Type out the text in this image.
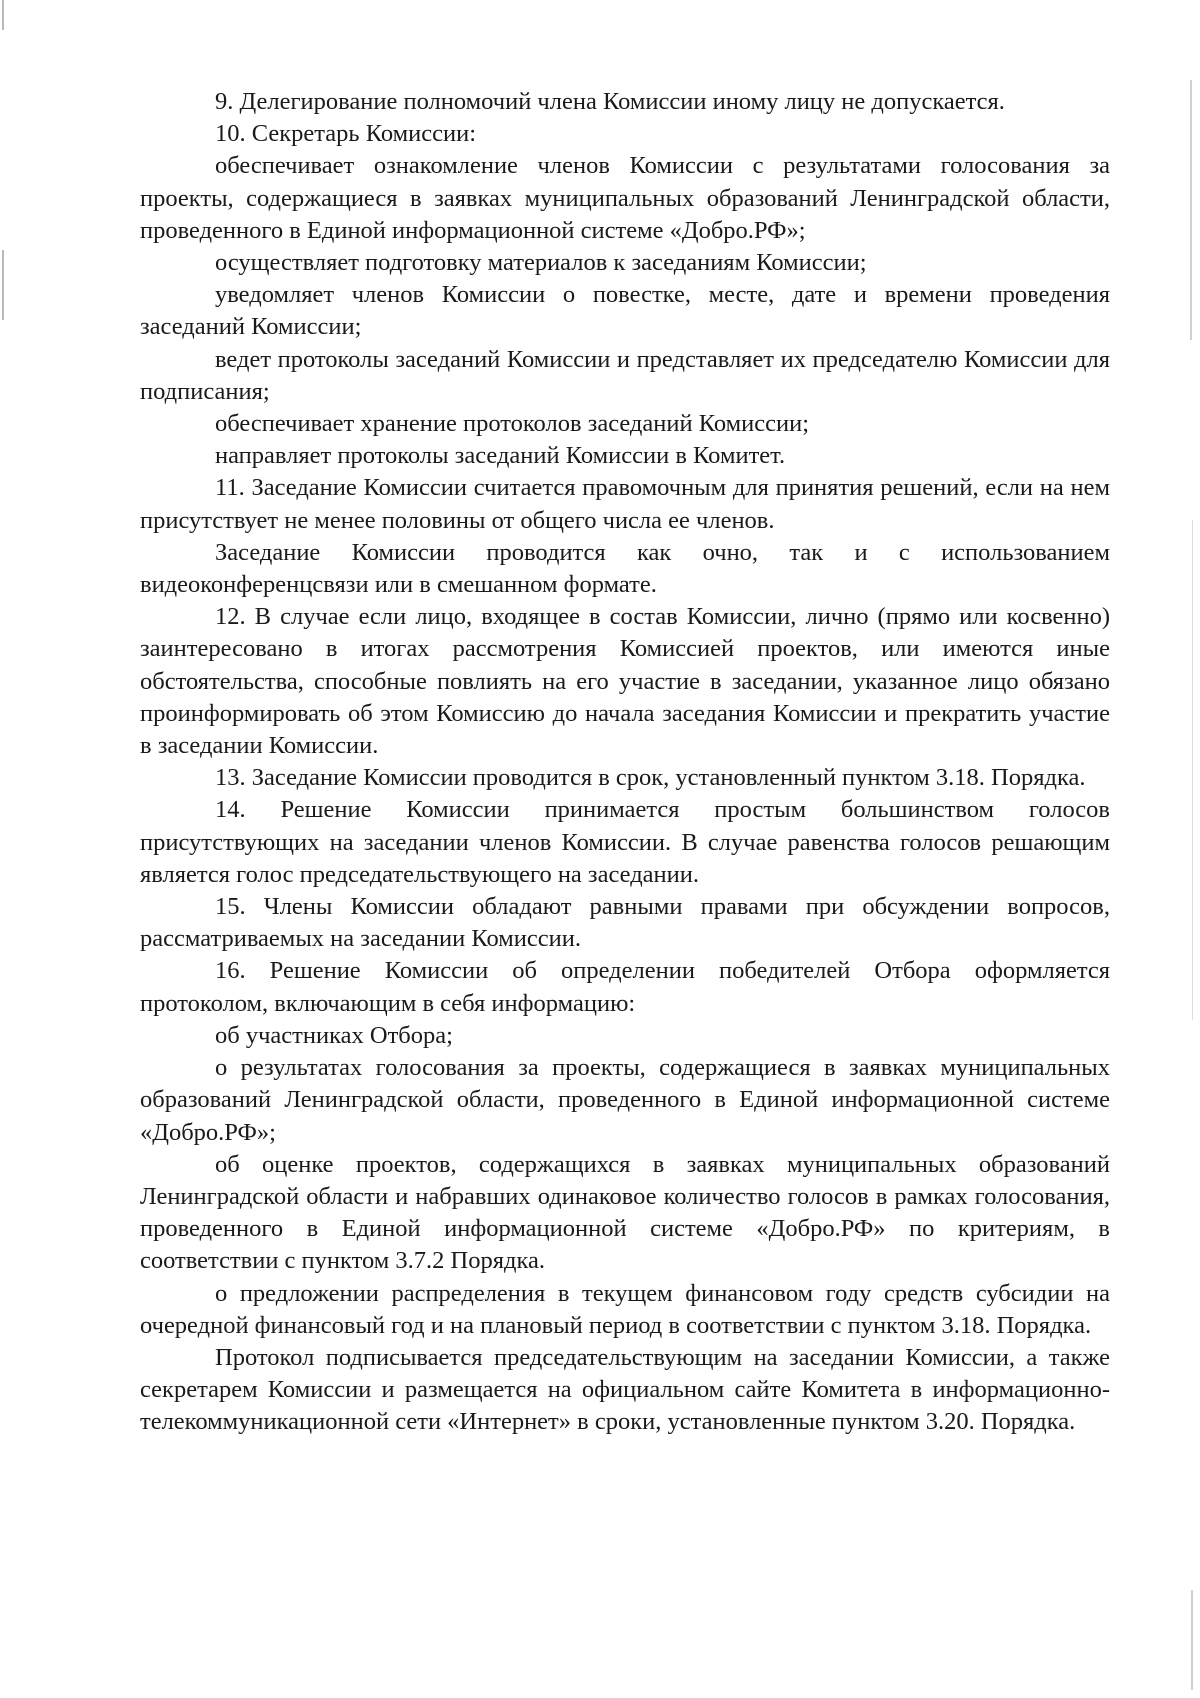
9. Делегирование полномочий члена Комиссии иному лицу не допускается.

10. Секретарь Комиссии:

обеспечивает ознакомление членов Комиссии с результатами голосования за проекты, содержащиеся в заявках муниципальных образований Ленинградской области, проведенного в Единой информационной системе «Добро.РФ»;

осуществляет подготовку материалов к заседаниям Комиссии;

уведомляет членов Комиссии о повестке, месте, дате и времени проведения заседаний Комиссии;

ведет протоколы заседаний Комиссии и представляет их председателю Комиссии для подписания;

обеспечивает хранение протоколов заседаний Комиссии;

направляет протоколы заседаний Комиссии в Комитет.

11. Заседание Комиссии считается правомочным для принятия решений, если на нем присутствует не менее половины от общего числа ее членов.

Заседание Комиссии проводится как очно, так и с использованием видеоконференцсвязи или в смешанном формате.

12. В случае если лицо, входящее в состав Комиссии, лично (прямо или косвенно) заинтересовано в итогах рассмотрения Комиссией проектов, или имеются иные обстоятельства, способные повлиять на его участие в заседании, указанное лицо обязано проинформировать об этом Комиссию до начала заседания Комиссии и прекратить участие в заседании Комиссии.

13. Заседание Комиссии проводится в срок, установленный пунктом 3.18. Порядка.

14. Решение Комиссии принимается простым большинством голосов присутствующих на заседании членов Комиссии. В случае равенства голосов решающим является голос председательствующего на заседании.

15. Члены Комиссии обладают равными правами при обсуждении вопросов, рассматриваемых на заседании Комиссии.

16. Решение Комиссии об определении победителей Отбора оформляется протоколом, включающим в себя информацию:

об участниках Отбора;

о результатах голосования за проекты, содержащиеся в заявках муниципальных образований Ленинградской области, проведенного в Единой информационной системе «Добро.РФ»;

об оценке проектов, содержащихся в заявках муниципальных образований Ленинградской области и набравших одинаковое количество голосов в рамках голосования, проведенного в Единой информационной системе «Добро.РФ» по критериям, в соответствии с пунктом 3.7.2 Порядка.

о предложении распределения в текущем финансовом году средств субсидии на очередной финансовый год и на плановый период в соответствии с пунктом 3.18. Порядка.

Протокол подписывается председательствующим на заседании Комиссии, а также секретарем Комиссии и размещается на официальном сайте Комитета в информационно-телекоммуникационной сети «Интернет» в сроки, установленные пунктом 3.20. Порядка.
